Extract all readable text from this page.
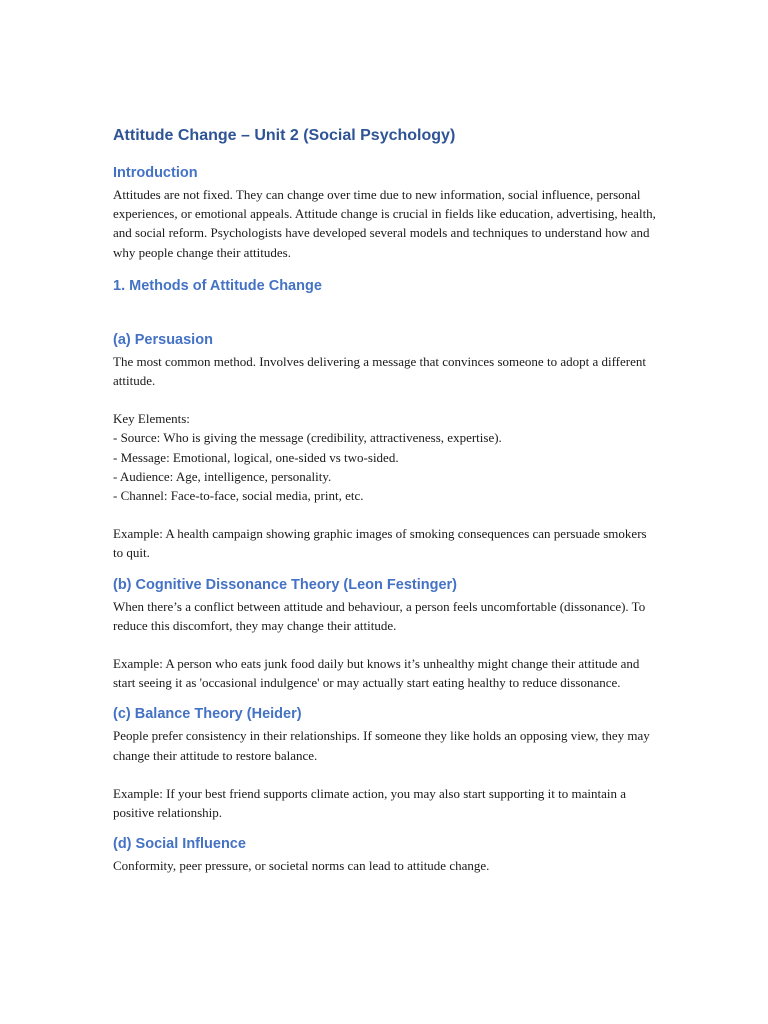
Attitude Change – Unit 2 (Social Psychology)
Introduction

Attitudes are not fixed. They can change over time due to new information, social influence, personal experiences, or emotional appeals. Attitude change is crucial in fields like education, advertising, health, and social reform. Psychologists have developed several models and techniques to understand how and why people change their attitudes.

1. Methods of Attitude Change
(a) Persuasion

The most common method. Involves delivering a message that convinces someone to adopt a different attitude.

Key Elements:

- Source: Who is giving the message (credibility, attractiveness, expertise).

- Message: Emotional, logical, one-sided vs two-sided.

- Audience: Age, intelligence, personality.

- Channel: Face-to-face, social media, print, etc.

Example: A health campaign showing graphic images of smoking consequences can persuade smokers to quit.

(b) Cognitive Dissonance Theory (Leon Festinger)

When there’s a conflict between attitude and behaviour, a person feels uncomfortable (dissonance). To reduce this discomfort, they may change their attitude.

Example: A person who eats junk food daily but knows it’s unhealthy might change their attitude and start seeing it as 'occasional indulgence' or may actually start eating healthy to reduce dissonance.

(c) Balance Theory (Heider)

People prefer consistency in their relationships. If someone they like holds an opposing view, they may change their attitude to restore balance.

Example: If your best friend supports climate action, you may also start supporting it to maintain a positive relationship.

(d) Social Influence

Conformity, peer pressure, or societal norms can lead to attitude change.
